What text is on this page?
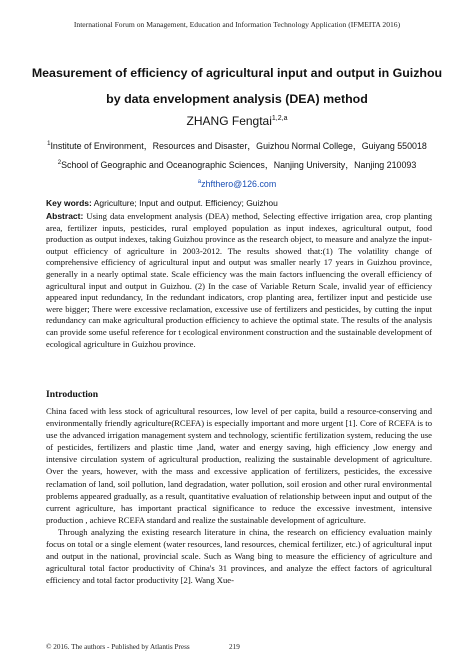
International Forum on Management, Education and Information Technology Application (IFMEITA 2016)
Measurement of efficiency of agricultural input and output in Guizhou by data envelopment analysis (DEA) method
ZHANG Fengtai$^{1,2,a}$
$^1$Institute of Environment，Resources and Disaster，Guizhou Normal College，Guiyang 550018
$^2$School of Geographic and Oceanographic Sciences，Nanjing University，Nanjing 210093
$^a$zhfthero@126.com
Key words: Agriculture; Input and output. Efficiency; Guizhou
Abstract: Using data envelopment analysis (DEA) method, Selecting effective irrigation area, crop planting area, fertilizer inputs, pesticides, rural employed population as input indexes, agricultural output, food production as output indexes, taking Guizhou province as the research object, to measure and analyze the input-output efficiency of agriculture in 2003-2012. The results showed that:(1) The volatility change of comprehensive efficiency of agricultural input and output was smaller nearly 17 years in Guizhou province, generally in a nearly optimal state. Scale efficiency was the main factors influencing the overall efficiency of agricultural input and output in Guizhou. (2) In the case of Variable Return Scale, invalid year of efficiency appeared input redundancy, In the redundant indicators, crop planting area, fertilizer input and pesticide use were bigger; There were excessive reclamation, excessive use of fertilizers and pesticides, by cutting the input redundancy can make agricultural production efficiency to achieve the optimal state. The results of the analysis can provide some useful reference for t ecological environment construction and the sustainable development of ecological agriculture in Guizhou province.
Introduction

China faced with less stock of agricultural resources, low level of per capita, build a resource-conserving and environmentally friendly agriculture(RCEFA) is especially important and more urgent [1]. Core of RCEFA is to use the advanced irrigation management system and technology, scientific fertilization system, reducing the use of pesticides, fertilizers and plastic time ,land, water and energy saving, high efficiency ,low energy and intensive circulation system of agricultural production, realizing the sustainable development of agriculture. Over the years, however, with the mass and excessive application of fertilizers, pesticides, the excessive reclamation of land, soil pollution, land degradation, water pollution, soil erosion and other rural environmental problems appeared gradually, as a result, quantitative evaluation of relationship between input and output of the current agriculture, has important practical significance to reduce the excessive investment, intensive production , achieve RCEFA standard and realize the sustainable development of agriculture.

Through analyzing the existing research literature in china, the research on efficiency evaluation mainly focus on total or a single element (water resources, land resources, chemical fertilizer, etc.) of agricultural input and output in the national, provincial scale. Such as Wang bing to measure the efficiency of agriculture and agricultural total factor productivity of China's 31 provinces, and analyze the effect factors of agricultural efficiency and total factor productivity [2]. Wang Xue-

© 2016. The authors - Published by Atlantis Press	219
